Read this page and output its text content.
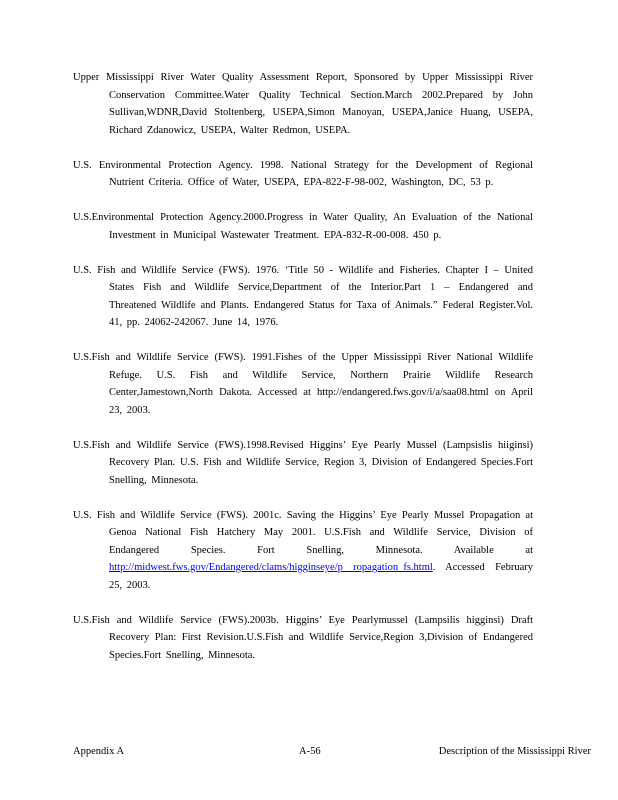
Upper Mississippi River Water Quality Assessment Report, Sponsored by Upper Mississippi River Conservation Committee.Water Quality Technical Section.March 2002.Prepared by John Sullivan,WDNR,David Stoltenberg, USEPA,Simon Manoyan, USEPA,Janice Huang, USEPA, Richard Zdanowicz, USEPA, Walter Redmon, USEPA.

U.S. Environmental Protection Agency. 1998. National Strategy for the Development of Regional Nutrient Criteria. Office of Water, USEPA, EPA-822-F-98-002, Washington, DC, 53 p.

U.S.Environmental Protection Agency.2000.Progress in Water Quality, An Evaluation of the National Investment in Municipal Wastewater Treatment. EPA-832-R-00-008. 450 p.

U.S. Fish and Wildlife Service (FWS). 1976. ‘Title 50 - Wildlife and Fisheries. Chapter I – United States Fish and Wildlife Service,Department of the Interior.Part 1 – Endangered and Threatened Wildlife and Plants. Endangered Status for Taxa of Animals.” Federal Register.Vol. 41, pp. 24062-242067. June 14, 1976.

U.S.Fish and Wildlife Service (FWS). 1991.Fishes of the Upper Mississippi River National Wildlife Refuge. U.S. Fish and Wildlife Service, Northern Prairie Wildlife Research Center,Jamestown,North Dakota. Accessed at http://endangered.fws.gov/i/a/saa08.html on April 23, 2003.

U.S.Fish and Wildlife Service (FWS).1998.Revised Higgins’ Eye Pearly Mussel (Lampsislis hiiginsi) Recovery Plan. U.S. Fish and Wildlife Service, Region 3, Division of Endangered Species.Fort Snelling, Minnesota.

U.S. Fish and Wildlife Service (FWS). 2001c. Saving the Higgins’ Eye Pearly Mussel Propagation at Genoa National Fish Hatchery May 2001. U.S.Fish and Wildlife Service, Division of Endangered Species. Fort Snelling, Minnesota. Available at http://midwest.fws.gov/Endangered/clams/higginseye/p ropagation_fs.html. Accessed February 25, 2003.

U.S.Fish and Wildlife Service (FWS).2003b. Higgins’ Eye Pearlymussel (Lampsilis higginsi) Draft Recovery Plan: First Revision.U.S.Fish and Wildlife Service,Region 3,Division of Endangered Species.Fort Snelling, Minnesota.

Appendix A	A-56	Description of the Mississippi River
